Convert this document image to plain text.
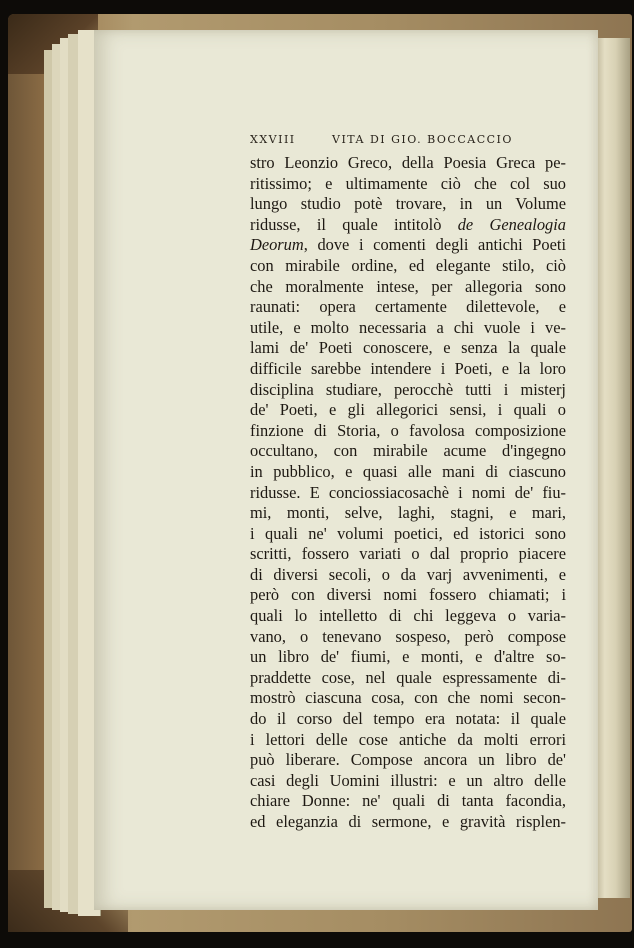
XXVIII	VITA DI GIO. BOCCACCIO
stro Leonzio Greco, della Poesia Greca pe-
ritissimo; e ultimamente ciò che col suo
lungo studio potè trovare, in un Volume
ridusse, il quale intitolò de Genealogia
Deorum, dove i comenti degli antichi Poeti
con mirabile ordine, ed elegante stilo, ciò
che moralmente intese, per allegoria sono
raunati: opera certamente dilettevole, e
utile, e molto necessaria a chi vuole i ve-
lami de' Poeti conoscere, e senza la quale
difficile sarebbe intendere i Poeti, e la loro
disciplina studiare, perocchè tutti i misterj
de' Poeti, e gli allegorici sensi, i quali o
finzione di Storia, o favolosa composizione
occultano, con mirabile acume d'ingegno
in pubblico, e quasi alle mani di ciascuno
ridusse. E conciossiacosachè i nomi de' fiu-
mi, monti, selve, laghi, stagni, e mari,
i quali ne' volumi poetici, ed istorici sono
scritti, fossero variati o dal proprio piacere
di diversi secoli, o da varj avvenimenti, e
però con diversi nomi fossero chiamati; i
quali lo intelletto di chi leggeva o varia-
vano, o tenevano sospeso, però compose
un libro de' fiumi, e monti, e d'altre so-
praddette cose, nel quale espressamente di-
mostrò ciascuna cosa, con che nomi secon-
do il corso del tempo era notata: il quale
i lettori delle cose antiche da molti errori
può liberare. Compose ancora un libro de'
casi degli Uomini illustri: e un altro delle
chiare Donne: ne' quali di tanta facondia,
ed eleganzia di sermone, e gravità risplen-
